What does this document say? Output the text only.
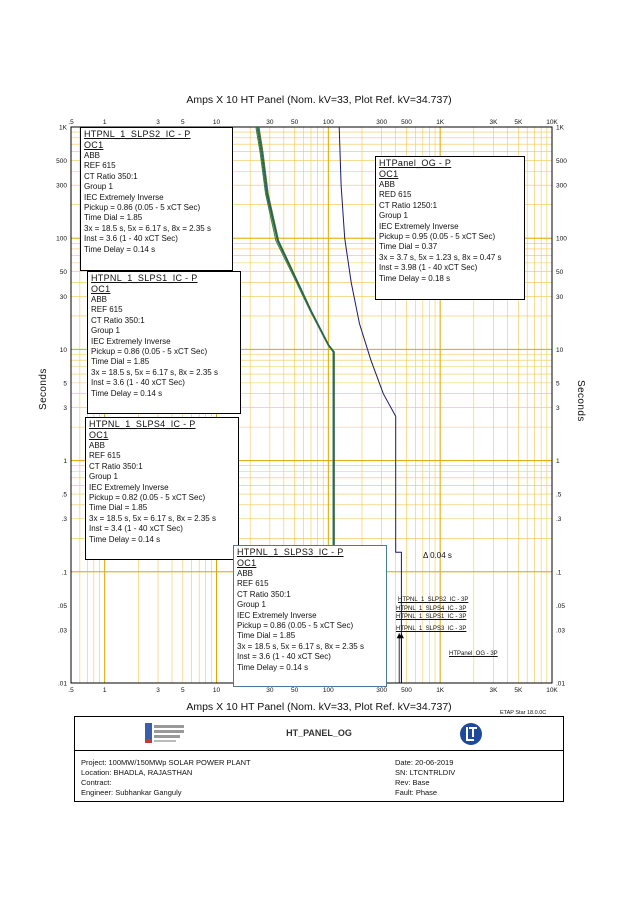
.5
.5
1
1
3
3
5
5
10
10
30
30
50
50
100
100
300
300
500
500
1K
1K
3K
3K
5K
5K
10K
10K
.01	.01
.03	.03
.05	.05
.1	.1
.3	.3
.5	.5
1	1
3	3
5	5
10	10
30	30
50	50
100	100
300	300
500	500
1K	1K
Amps X 10 HT Panel (Nom. kV=33, Plot Ref. kV=34.737)
Amps X 10 HT Panel (Nom. kV=33, Plot Ref. kV=34.737)
Seconds	Seconds
HTPNL_1_SLPS2_IC - P
OC1
ABB
REF 615
CT Ratio 350:1
Group 1
IEC Extremely Inverse
Pickup = 0.86 (0.05 - 5 xCT Sec)
Time Dial = 1.85
3x = 18.5 s, 5x = 6.17 s, 8x = 2.35 s
Inst = 3.6 (1 - 40 xCT Sec)
Time Delay = 0.14 s
HTPanel_OG - P
OC1
ABB
RED 615
CT Ratio 1250:1
Group 1
IEC Extremely Inverse
Pickup = 0.95 (0.05 - 5 xCT Sec)
Time Dial = 0.37
3x = 3.7 s, 5x = 1.23 s, 8x = 0.47 s
Inst = 3.98 (1 - 40 xCT Sec)
Time Delay = 0.18 s
HTPNL_1_SLPS1_IC - P
OC1
ABB
REF 615
CT Ratio 350:1
Group 1
IEC Extremely Inverse
Pickup = 0.86 (0.05 - 5 xCT Sec)
Time Dial = 1.85
3x = 18.5 s, 5x = 6.17 s, 8x = 2.35 s
Inst = 3.6 (1 - 40 xCT Sec)
Time Delay = 0.14 s
HTPNL_1_SLPS4_IC - P
OC1
ABB
REF 615
CT Ratio 350:1
Group 1
IEC Extremely Inverse
Pickup = 0.82 (0.05 - 5 xCT Sec)
Time Dial = 1.85
3x = 18.5 s, 5x = 6.17 s, 8x = 2.35 s
Inst = 3.4 (1 - 40 xCT Sec)
Time Delay = 0.14 s
HTPNL_1_SLPS3_IC - P
OC1
ABB
REF 615
CT Ratio 350:1
Group 1
IEC Extremely Inverse
Pickup = 0.86 (0.05 - 5 xCT Sec)
Time Dial = 1.85
3x = 18.5 s, 5x = 6.17 s, 8x = 2.35 s
Inst = 3.6 (1 - 40 xCT Sec)
Time Delay = 0.14 s
HTPNL_1_SLPS2_IC - 3P
HTPNL_1_SLPS4_IC - 3P
HTPNL_1_SLPS1_IC - 3P
HTPNL_1_SLPS3_IC - 3P
HTPanel_OG - 3P
Δ 0.04 s
ETAP Star 18.0.0C
HT_PANEL_OG
Project: 100MW/150MWp SOLAR POWER PLANT
Location: BHADLA, RAJASTHAN
Contract:
Engineer: Subhankar Ganguly
Date: 20-06-2019
SN: LTCNTRLDIV
Rev: Base
Fault: Phase
